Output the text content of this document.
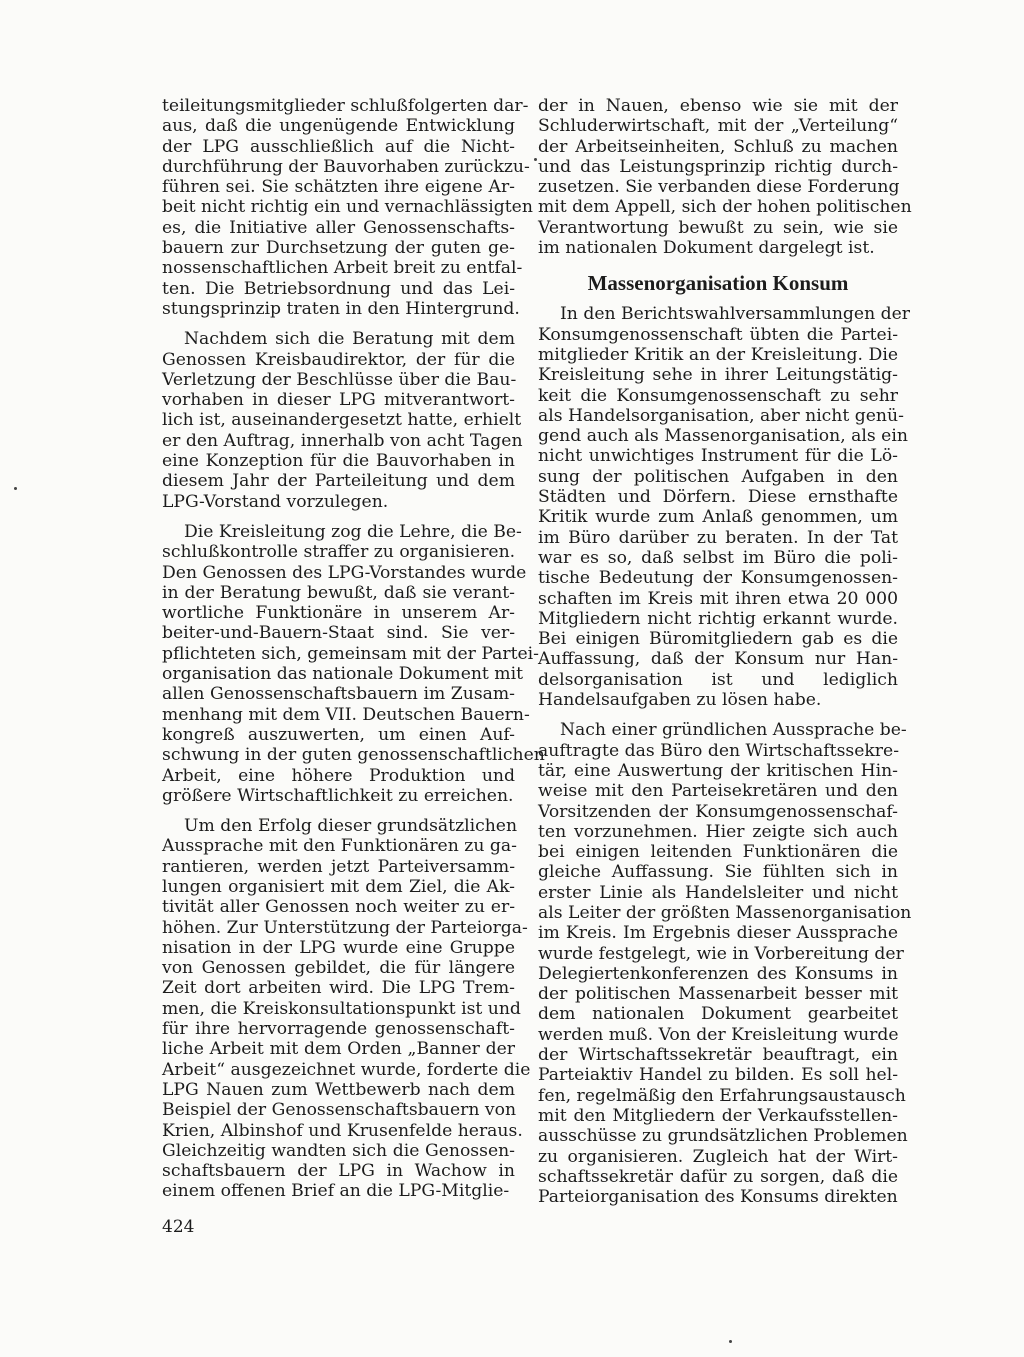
teileitungsmitglieder schlußfolgerten dar-
aus, daß die ungenügende Entwicklung
der LPG ausschließlich auf die Nicht-
durchführung der Bauvorhaben zurückzu-
führen sei. Sie schätzten ihre eigene Ar-
beit nicht richtig ein und vernachlässigten
es, die Initiative aller Genossenschafts-
bauern zur Durchsetzung der guten ge-
nossenschaftlichen Arbeit breit zu entfal-
ten. Die Betriebsordnung und das Lei-
stungsprinzip traten in den Hintergrund.

Nachdem sich die Beratung mit dem
Genossen Kreisbaudirektor, der für die
Verletzung der Beschlüsse über die Bau-
vorhaben in dieser LPG mitverantwort-
lich ist, auseinandergesetzt hatte, erhielt
er den Auftrag, innerhalb von acht Tagen
eine Konzeption für die Bauvorhaben in
diesem Jahr der Parteileitung und dem
LPG-Vorstand vorzulegen.

Die Kreisleitung zog die Lehre, die Be-
schlußkontrolle straffer zu organisieren.
Den Genossen des LPG-Vorstandes wurde
in der Beratung bewußt, daß sie verant-
wortliche Funktionäre in unserem Ar-
beiter-und-Bauern-Staat sind. Sie ver-
pflichteten sich, gemeinsam mit der Partei-
organisation das nationale Dokument mit
allen Genossenschaftsbauern im Zusam-
menhang mit dem VII. Deutschen Bauern-
kongreß auszuwerten, um einen Auf-
schwung in der guten genossenschaftlichen
Arbeit, eine höhere Produktion und
größere Wirtschaftlichkeit zu erreichen.

Um den Erfolg dieser grundsätzlichen
Aussprache mit den Funktionären zu ga-
rantieren, werden jetzt Parteiversamm-
lungen organisiert mit dem Ziel, die Ak-
tivität aller Genossen noch weiter zu er-
höhen. Zur Unterstützung der Parteiorga-
nisation in der LPG wurde eine Gruppe
von Genossen gebildet, die für längere
Zeit dort arbeiten wird. Die LPG Trem-
men, die Kreiskonsultationspunkt ist und
für ihre hervorragende genossenschaft-
liche Arbeit mit dem Orden „Banner der
Arbeit“ ausgezeichnet wurde, forderte die
LPG Nauen zum Wettbewerb nach dem
Beispiel der Genossenschaftsbauern von
Krien, Albinshof und Krusenfelde heraus.
Gleichzeitig wandten sich die Genossen-
schaftsbauern der LPG in Wachow in
einem offenen Brief an die LPG-Mitglie-

der in Nauen, ebenso wie sie mit der
Schluderwirtschaft, mit der „Verteilung“
der Arbeitseinheiten, Schluß zu machen
und das Leistungsprinzip richtig durch-
zusetzen. Sie verbanden diese Forderung
mit dem Appell, sich der hohen politischen
Verantwortung bewußt zu sein, wie sie
im nationalen Dokument dargelegt ist.

Massenorganisation Konsum

In den Berichtswahlversammlungen der
Konsumgenossenschaft übten die Partei-
mitglieder Kritik an der Kreisleitung. Die
Kreisleitung sehe in ihrer Leitungstätig-
keit die Konsumgenossenschaft zu sehr
als Handelsorganisation, aber nicht genü-
gend auch als Massenorganisation, als ein
nicht unwichtiges Instrument für die Lö-
sung der politischen Aufgaben in den
Städten und Dörfern. Diese ernsthafte
Kritik wurde zum Anlaß genommen, um
im Büro darüber zu beraten. In der Tat
war es so, daß selbst im Büro die poli-
tische Bedeutung der Konsumgenossen-
schaften im Kreis mit ihren etwa 20 000
Mitgliedern nicht richtig erkannt wurde.
Bei einigen Büromitgliedern gab es die
Auffassung, daß der Konsum nur Han-
delsorganisation ist und lediglich
Handelsaufgaben zu lösen habe.

Nach einer gründlichen Aussprache be-
auftragte das Büro den Wirtschaftssekre-
tär, eine Auswertung der kritischen Hin-
weise mit den Parteisekretären und den
Vorsitzenden der Konsumgenossenschaf-
ten vorzunehmen. Hier zeigte sich auch
bei einigen leitenden Funktionären die
gleiche Auffassung. Sie fühlten sich in
erster Linie als Handelsleiter und nicht
als Leiter der größten Massenorganisation
im Kreis. Im Ergebnis dieser Aussprache
wurde festgelegt, wie in Vorbereitung der
Delegiertenkonferenzen des Konsums in
der politischen Massenarbeit besser mit
dem nationalen Dokument gearbeitet
werden muß. Von der Kreisleitung wurde
der Wirtschaftssekretär beauftragt, ein
Parteiaktiv Handel zu bilden. Es soll hel-
fen, regelmäßig den Erfahrungsaustausch
mit den Mitgliedern der Verkaufsstellen-
ausschüsse zu grundsätzlichen Problemen
zu organisieren. Zugleich hat der Wirt-
schaftssekretär dafür zu sorgen, daß die
Parteiorganisation des Konsums direkten

424
